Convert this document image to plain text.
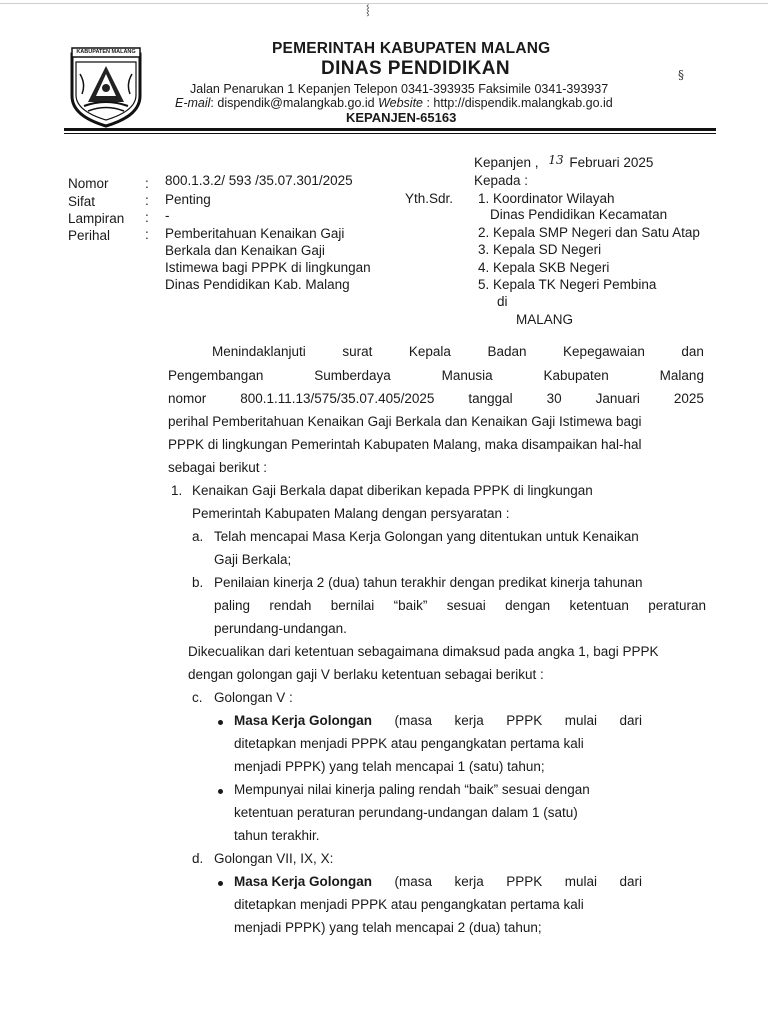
KABUPATEN MALANG	PEMERINTAH KABUPATEN MALANG
DINAS PENDIDIKAN
Jalan Penarukan 1 Kepanjen Telepon 0341-393935 Faksimile 0341-393937
E-mail: dispendik@malangkab.go.id Website : http://dispendik.malangkab.go.id
KEPANJEN-65163
Kepanjen , 13 Februari 2025
Kepada :
Nomor	: 800.1.3.2/ 593 /35.07.301/2025
Sifat	: Penting
Lampiran : -
Perihal	: Pemberitahuan Kenaikan Gaji
Berkala dan Kenaikan Gaji
Istimewa bagi PPPK di lingkungan
Dinas Pendidikan Kab. Malang
Yth.Sdr. 1. Koordinator Wilayah
Dinas Pendidikan Kecamatan
2. Kepala SMP Negeri dan Satu Atap
3. Kepala SD Negeri
4. Kepala SKB Negeri
5. Kepala TK Negeri Pembina
di
MALANG
Menindaklanjuti	surat	Kepala	Badan	Kepegawaian	dan
Pengembangan	Sumberdaya	Manusia	Kabupaten	Malang
nomor	800.1.11.13/575/35.07.405/2025	tanggal	30	Januari	2025
perihal Pemberitahuan Kenaikan Gaji Berkala dan Kenaikan Gaji Istimewa bagi
PPPK di lingkungan Pemerintah Kabupaten Malang, maka disampaikan hal-hal
sebagai berikut :
1. Kenaikan Gaji Berkala dapat diberikan kepada PPPK di lingkungan
Pemerintah Kabupaten Malang dengan persyaratan :
a. Telah mencapai Masa Kerja Golongan yang ditentukan untuk Kenaikan
Gaji Berkala;
b. Penilaian kinerja 2 (dua) tahun terakhir dengan predikat kinerja tahunan
paling rendah bernilai “baik” sesuai dengan ketentuan peraturan
perundang-undangan.
Dikecualikan dari ketentuan sebagaimana dimaksud pada angka 1, bagi PPPK
dengan golongan gaji V berlaku ketentuan sebagai berikut :
c. Golongan V :
Masa Kerja Golongan (masa kerja PPPK mulai dari
ditetapkan menjadi PPPK atau pengangkatan pertama kali
menjadi PPPK) yang telah mencapai 1 (satu) tahun;
Mempunyai nilai kinerja paling rendah “baik” sesuai dengan
ketentuan peraturan perundang-undangan dalam 1 (satu)
tahun terakhir.
d. Golongan VII, IX, X:
Masa Kerja Golongan (masa kerja PPPK mulai dari
ditetapkan menjadi PPPK atau pengangkatan pertama kali
menjadi PPPK) yang telah mencapai 2 (dua) tahun;
⸾
§
